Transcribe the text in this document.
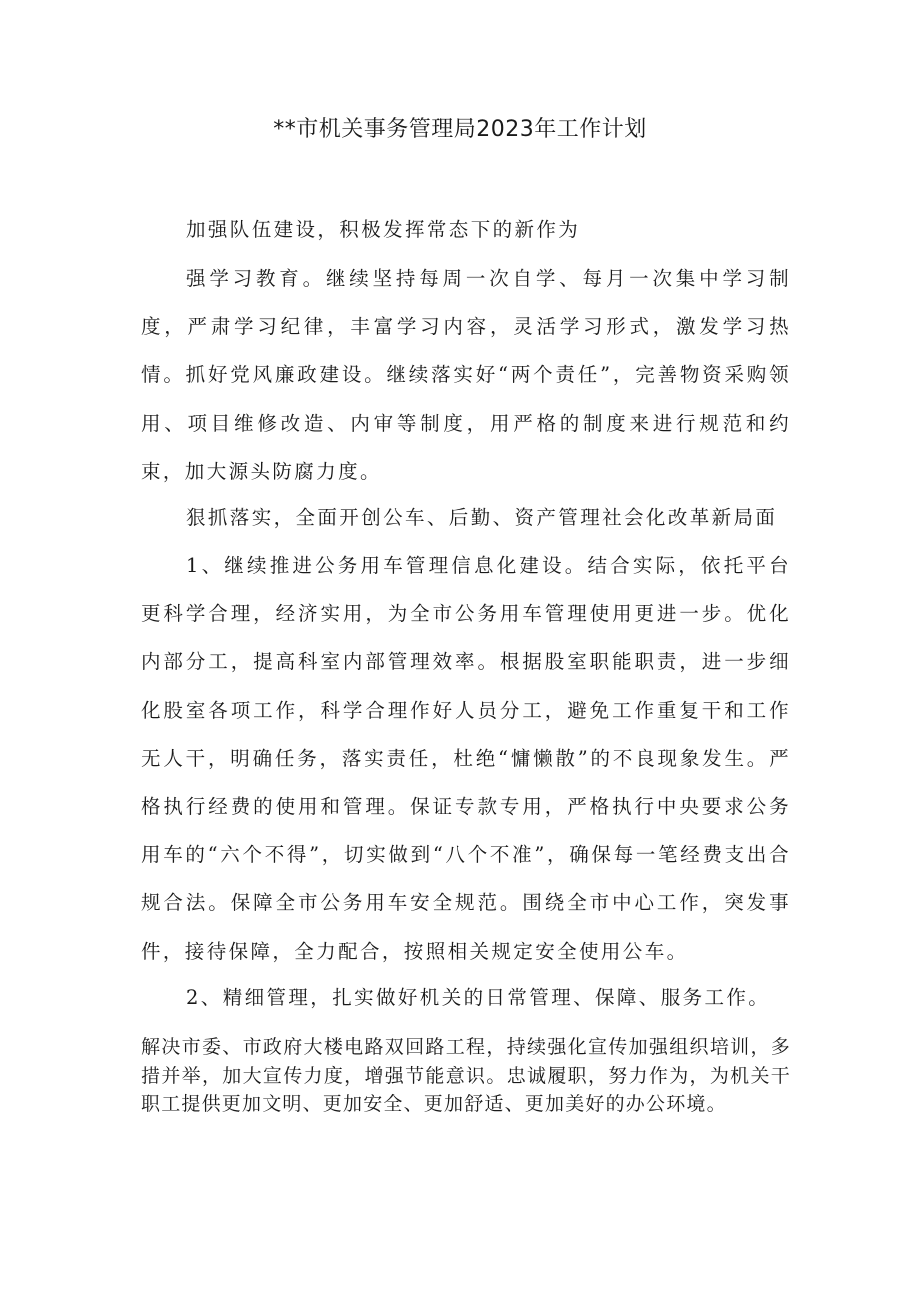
**市机关事务管理局2023年工作计划

加强队伍建设，积极发挥常态下的新作为

强学习教育。继续坚持每周一次自学、每月一次集中学习制度，严肃学习纪律，丰富学习内容，灵活学习形式，激发学习热情。抓好党风廉政建设。继续落实好“两个责任”，完善物资采购领用、项目维修改造、内审等制度，用严格的制度来进行规范和约束，加大源头防腐力度。

狠抓落实，全面开创公车、后勤、资产管理社会化改革新局面

1、继续推进公务用车管理信息化建设。结合实际，依托平台更科学合理，经济实用，为全市公务用车管理使用更进一步。优化内部分工，提高科室内部管理效率。根据股室职能职责，进一步细化股室各项工作，科学合理作好人员分工，避免工作重复干和工作无人干，明确任务，落实责任，杜绝“慵懒散”的不良现象发生。严格执行经费的使用和管理。保证专款专用，严格执行中央要求公务用车的“六个不得”，切实做到“八个不准”，确保每一笔经费支出合规合法。保障全市公务用车安全规范。围绕全市中心工作，突发事件，接待保障，全力配合，按照相关规定安全使用公车。

2、精细管理，扎实做好机关的日常管理、保障、服务工作。

解决市委、市政府大楼电路双回路工程，持续强化宣传加强组织培训，多措并举，加大宣传力度，增强节能意识。忠诚履职，努力作为，为机关干职工提供更加文明、更加安全、更加舒适、更加美好的办公环境。
